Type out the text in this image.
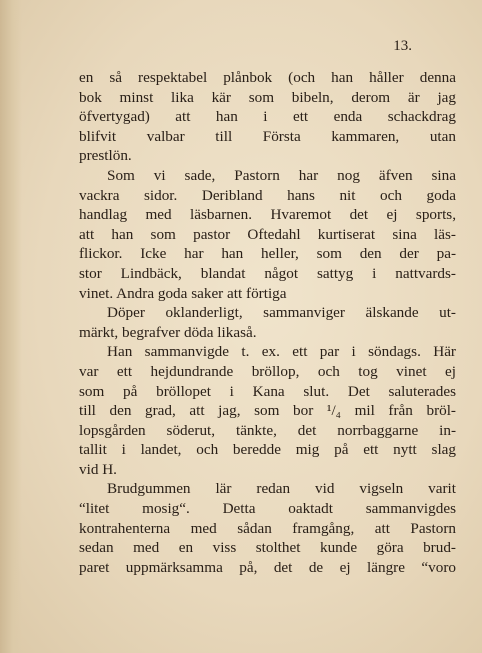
13.
en så respektabel plånbok (och han håller denna
bok minst lika kär som bibeln, derom är jag
öfvertygad) att han i ett enda schackdrag
blifvit valbar till Första kammaren, utan
prestlön.
Som vi sade, Pastorn har nog äfven sina
vackra sidor. Deribland hans nit och goda
handlag med läsbarnen. Hvaremot det ej sports,
att han som pastor Oftedahl kurtiserat sina läs-
flickor. Icke har han heller, som den der pa-
stor Lindbäck, blandat något sattyg i nattvards-
vinet. Andra goda saker att förtiga
Döper oklanderligt, sammanviger älskande ut-
märkt, begrafver döda likaså.
Han sammanvigde t. ex. ett par i söndags. Här
var ett hejdundrande bröllop, och tog vinet ej
som på bröllopet i Kana slut. Det saluterades
till den grad, att jag, som bor ¹/₄ mil från bröl-
lopsgården söderut, tänkte, det norrbaggarne in-
tallit i landet, och beredde mig på ett nytt slag
vid H.
Brudgummen lär redan vid vigseln varit
“litet mosig“. Detta oaktadt sammanvigdes
kontrahenterna med sådan framgång, att Pastorn
sedan med en viss stolthet kunde göra brud-
paret uppmärksamma på, det de ej längre “voro
